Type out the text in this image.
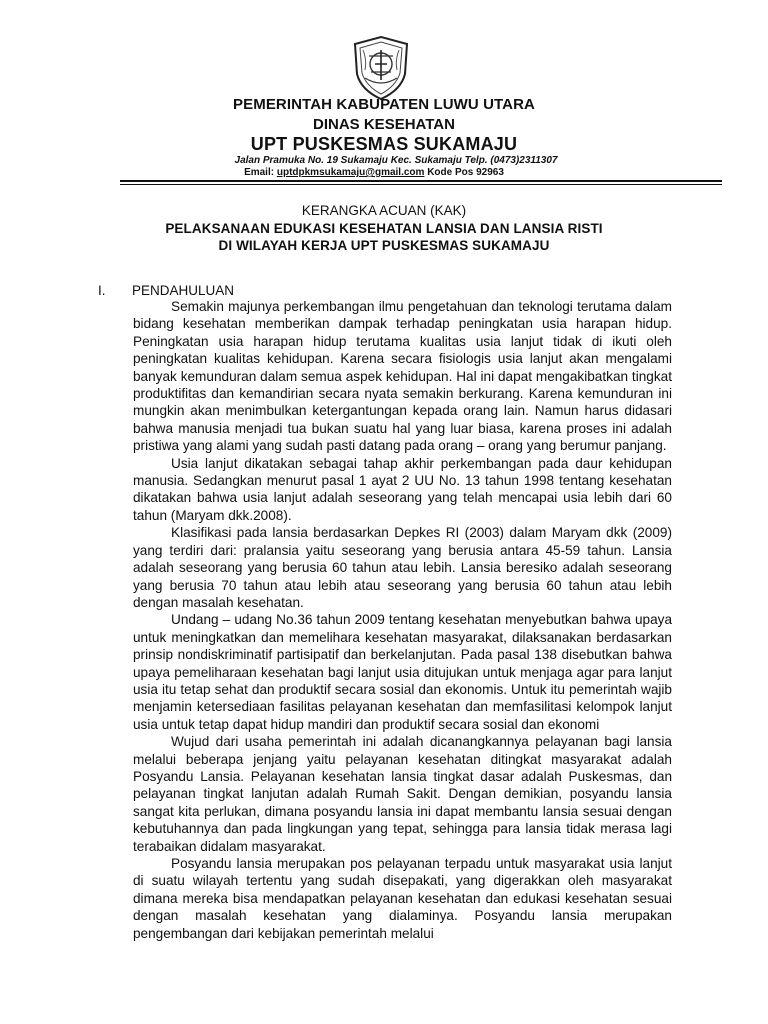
PEMERINTAH KABUPATEN LUWU UTARA

DINAS KESEHATAN

UPT PUSKESMAS SUKAMAJU

Jalan Pramuka No. 19 Sukamaju Kec. Sukamaju Telp. (0473)2311307

Email: uptdpkmsukamaju@gmail.com Kode Pos 92963

KERANGKA ACUAN (KAK)

PELAKSANAAN EDUKASI KESEHATAN LANSIA DAN LANSIA RISTI

DI WILAYAH KERJA UPT PUSKESMAS SUKAMAJU

I. PENDAHULUAN

Semakin majunya perkembangan ilmu pengetahuan dan teknologi terutama dalam bidang kesehatan memberikan dampak terhadap peningkatan usia harapan hidup. Peningkatan usia harapan hidup terutama kualitas usia lanjut tidak di ikuti oleh peningkatan kualitas kehidupan. Karena secara fisiologis usia lanjut akan mengalami banyak kemunduran dalam semua aspek kehidupan. Hal ini dapat mengakibatkan tingkat produktifitas dan kemandirian secara nyata semakin berkurang. Karena kemunduran ini mungkin akan menimbulkan ketergantungan kepada orang lain. Namun harus didasari bahwa manusia menjadi tua bukan suatu hal yang luar biasa, karena proses ini adalah pristiwa yang alami yang sudah pasti datang pada orang – orang yang berumur panjang.

Usia lanjut dikatakan sebagai tahap akhir perkembangan pada daur kehidupan manusia. Sedangkan menurut pasal 1 ayat 2 UU No. 13 tahun 1998 tentang kesehatan dikatakan bahwa usia lanjut adalah seseorang yang telah mencapai usia lebih dari 60 tahun (Maryam dkk.2008).

Klasifikasi pada lansia berdasarkan Depkes RI (2003) dalam Maryam dkk (2009) yang terdiri dari: pralansia yaitu seseorang yang berusia antara 45-59 tahun. Lansia adalah seseorang yang berusia 60 tahun atau lebih. Lansia beresiko adalah seseorang yang berusia 70 tahun atau lebih atau seseorang yang berusia 60 tahun atau lebih dengan masalah kesehatan.

Undang – udang No.36 tahun 2009 tentang kesehatan menyebutkan bahwa upaya untuk meningkatkan dan memelihara kesehatan masyarakat, dilaksanakan berdasarkan prinsip nondiskriminatif partisipatif dan berkelanjutan. Pada pasal 138 disebutkan bahwa upaya pemeliharaan kesehatan bagi lanjut usia ditujukan untuk menjaga agar para lanjut usia itu tetap sehat dan produktif secara sosial dan ekonomis. Untuk itu pemerintah wajib menjamin ketersediaan fasilitas pelayanan kesehatan dan memfasilitasi kelompok lanjut usia untuk tetap dapat hidup mandiri dan produktif secara sosial dan ekonomi

Wujud dari usaha pemerintah ini adalah dicanangkannya pelayanan bagi lansia melalui beberapa jenjang yaitu pelayanan kesehatan ditingkat masyarakat adalah Posyandu Lansia. Pelayanan kesehatan lansia tingkat dasar adalah Puskesmas, dan pelayanan tingkat lanjutan adalah Rumah Sakit. Dengan demikian, posyandu lansia sangat kita perlukan, dimana posyandu lansia ini dapat membantu lansia sesuai dengan kebutuhannya dan pada lingkungan yang tepat, sehingga para lansia tidak merasa lagi terabaikan didalam masyarakat.

Posyandu lansia merupakan pos pelayanan terpadu untuk masyarakat usia lanjut di suatu wilayah tertentu yang sudah disepakati, yang digerakkan oleh masyarakat dimana mereka bisa mendapatkan pelayanan kesehatan dan edukasi kesehatan sesuai dengan masalah kesehatan yang dialaminya. Posyandu lansia merupakan pengembangan dari kebijakan pemerintah melalui
